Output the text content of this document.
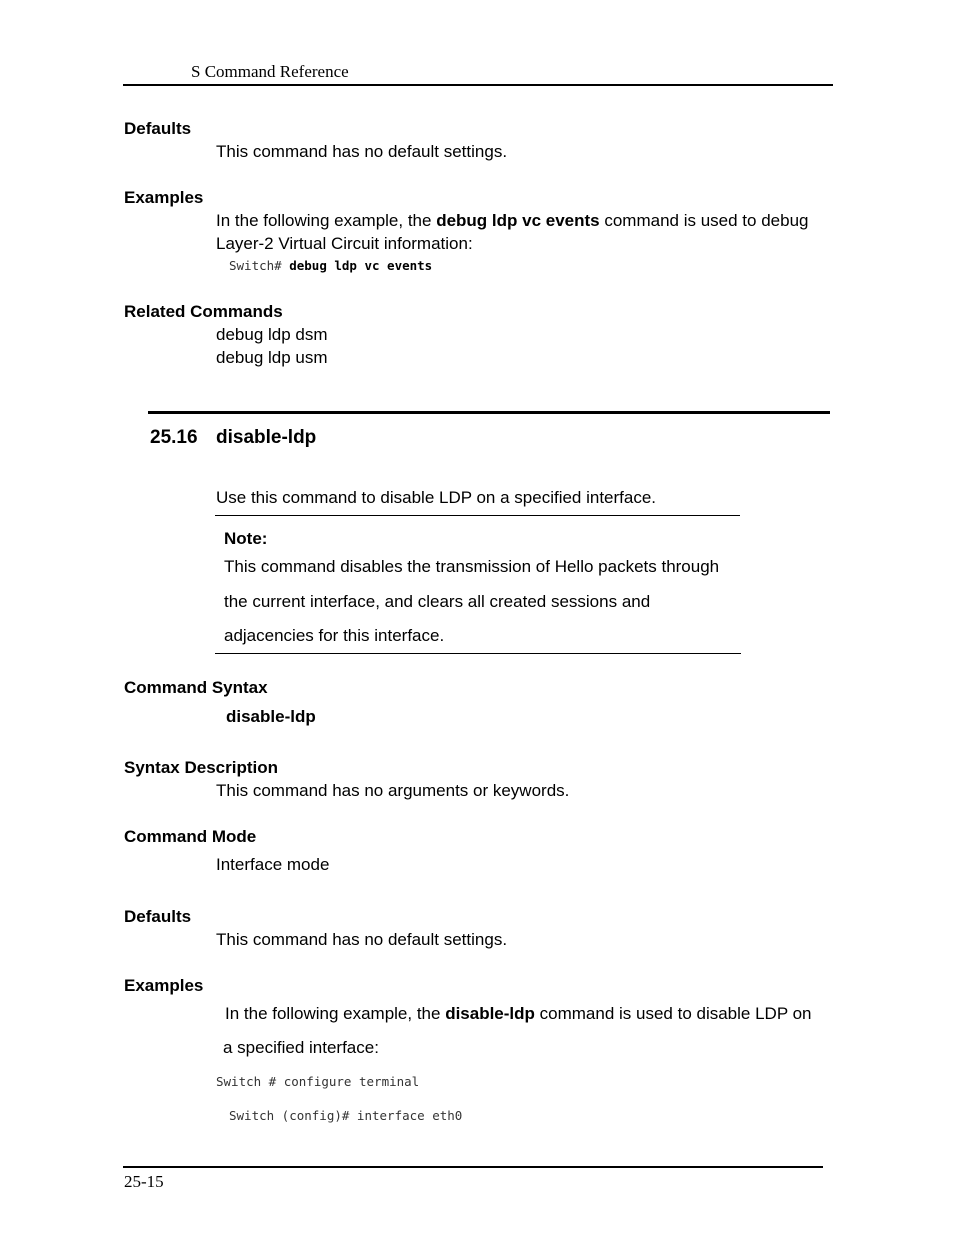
S Command Reference
Defaults
This command has no default settings.
Examples
In the following example, the debug ldp vc events command is used to debug
Layer-2 Virtual Circuit information:
Switch# debug ldp vc events
Related Commands
debug ldp dsm
debug ldp usm
25.16 disable-ldp
Use this command to disable LDP on a specified interface.
Note:
This command disables the transmission of Hello packets through
the current interface, and clears all created sessions and
adjacencies for this interface.
Command Syntax
disable-ldp
Syntax Description
This command has no arguments or keywords.
Command Mode
Interface mode
Defaults
This command has no default settings.
Examples
In the following example, the disable-ldp command is used to disable LDP on
a specified interface:
Switch # configure terminal
Switch (config)# interface eth0
25-15
